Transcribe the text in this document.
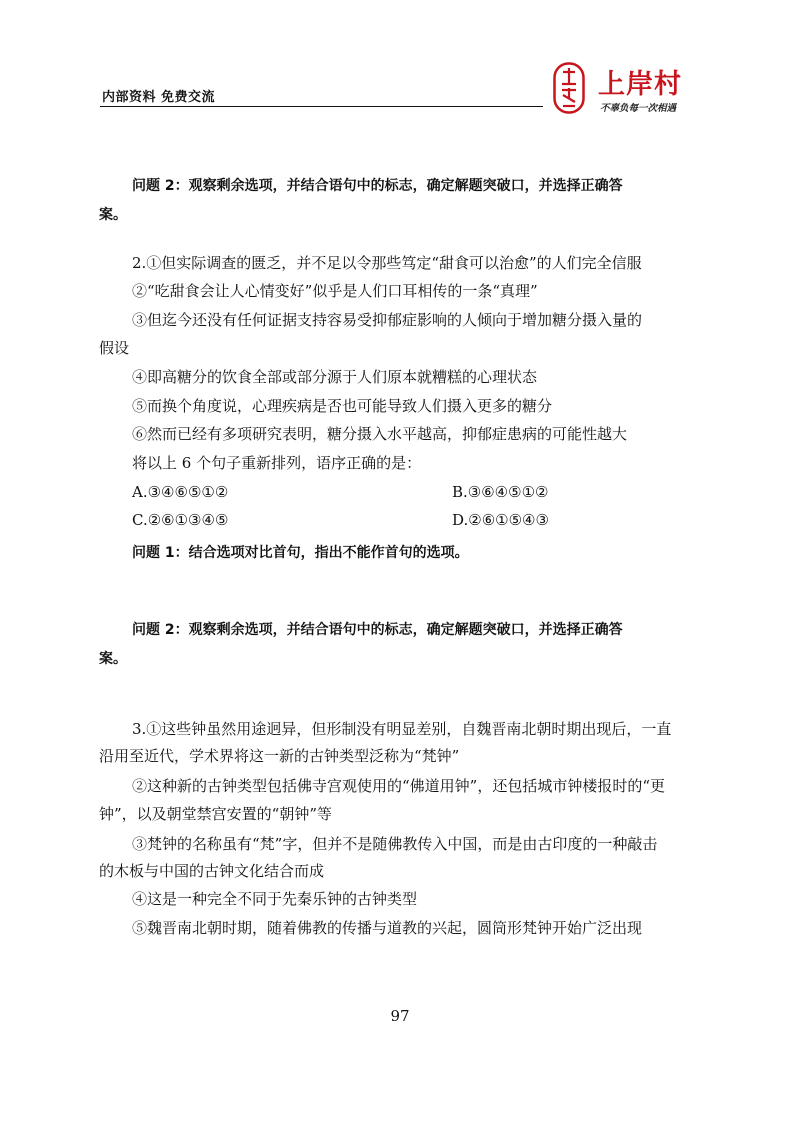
内部资料 免费交流	上岸村
不辜负每一次相遇
问题 2：观察剩余选项，并结合语句中的标志，确定解题突破口，并选择正确答
案。
2.①但实际调查的匮乏，并不足以令那些笃定“甜食可以治愈”的人们完全信服
②“吃甜食会让人心情变好”似乎是人们口耳相传的一条“真理”
③但迄今还没有任何证据支持容易受抑郁症影响的人倾向于增加糖分摄入量的
假设
④即高糖分的饮食全部或部分源于人们原本就糟糕的心理状态
⑤而换个角度说，心理疾病是否也可能导致人们摄入更多的糖分
⑥然而已经有多项研究表明，糖分摄入水平越高，抑郁症患病的可能性越大
将以上 6 个句子重新排列，语序正确的是：
A.③④⑥⑤①②	B.③⑥④⑤①②
C.②⑥①③④⑤	D.②⑥①⑤④③
问题 1：结合选项对比首句，指出不能作首句的选项。
问题 2：观察剩余选项，并结合语句中的标志，确定解题突破口，并选择正确答
案。
3.①这些钟虽然用途迥异，但形制没有明显差别，自魏晋南北朝时期出现后，一直
沿用至近代，学术界将这一新的古钟类型泛称为“梵钟”
②这种新的古钟类型包括佛寺宫观使用的“佛道用钟”，还包括城市钟楼报时的“更
钟”，以及朝堂禁宫安置的“朝钟”等
③梵钟的名称虽有“梵”字，但并不是随佛教传入中国，而是由古印度的一种敲击
的木板与中国的古钟文化结合而成
④这是一种完全不同于先秦乐钟的古钟类型
⑤魏晋南北朝时期，随着佛教的传播与道教的兴起，圆筒形梵钟开始广泛出现
97
